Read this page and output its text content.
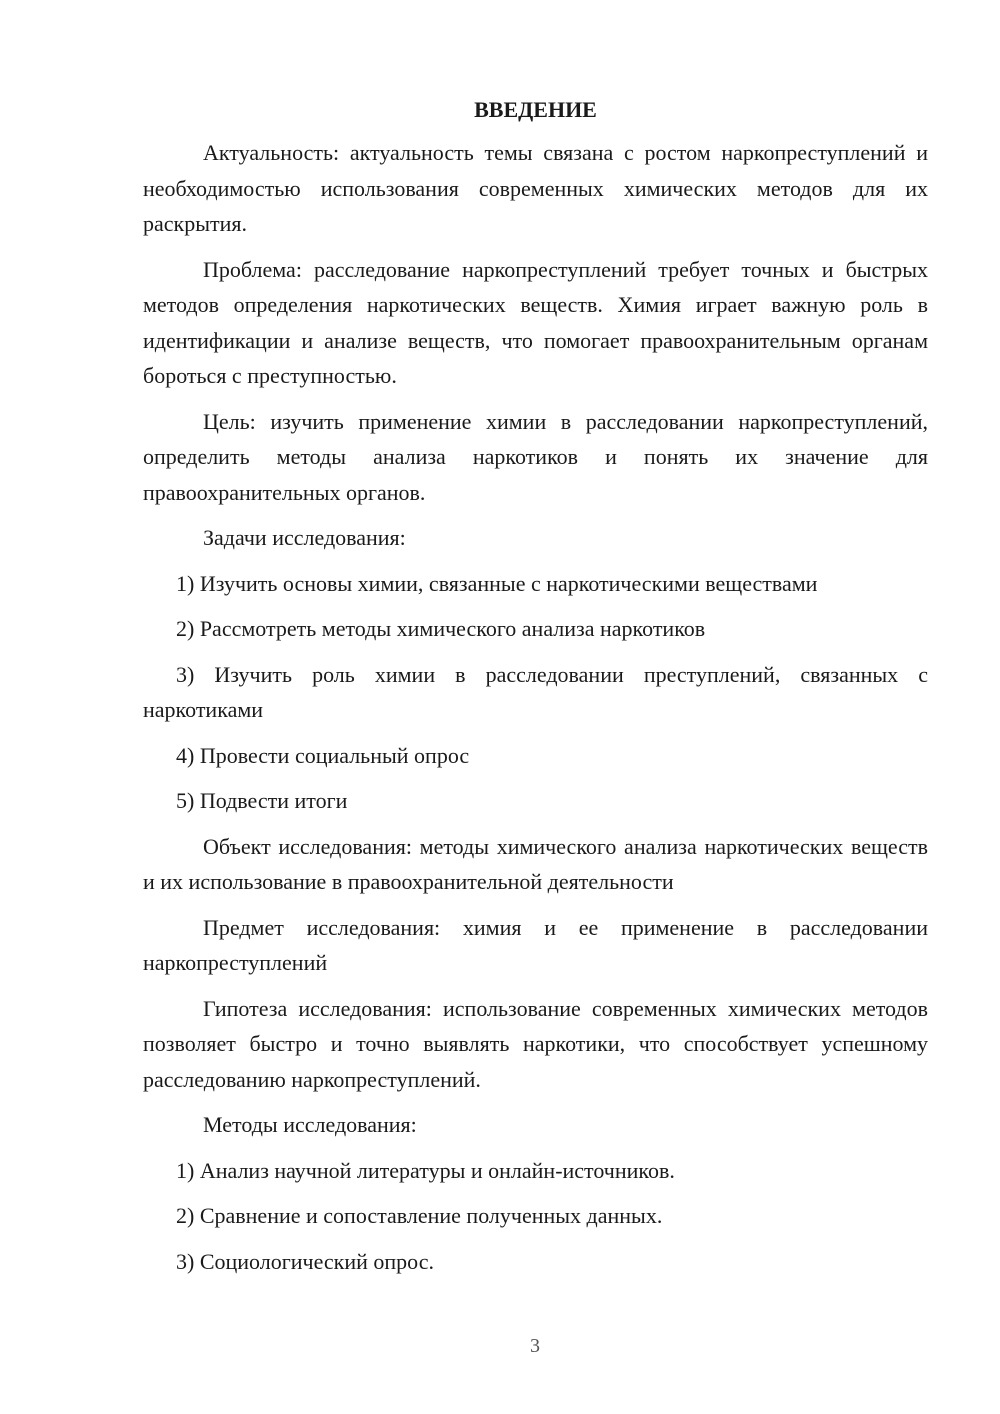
ВВЕДЕНИЕ
Актуальность: актуальность темы связана с ростом наркопреступлений и необходимостью использования современных химических методов для их раскрытия.
Проблема: расследование наркопреступлений требует точных и быстрых методов определения наркотических веществ. Химия играет важную роль в идентификации и анализе веществ, что помогает правоохранительным органам бороться с преступностью.
Цель: изучить применение химии в расследовании наркопреступлений, определить методы анализа наркотиков и понять их значение для правоохранительных органов.
Задачи исследования:
1) Изучить основы химии, связанные с наркотическими веществами
2) Рассмотреть методы химического анализа наркотиков
3) Изучить роль химии в расследовании преступлений, связанных с наркотиками
4) Провести социальный опрос
5) Подвести итоги
Объект исследования: методы химического анализа наркотических веществ и их использование в правоохранительной деятельности
Предмет исследования: химия и ее применение в расследовании наркопреступлений
Гипотеза исследования: использование современных химических методов позволяет быстро и точно выявлять наркотики, что способствует успешному расследованию наркопреступлений.
Методы исследования:
1) Анализ научной литературы и онлайн-источников.
2) Сравнение и сопоставление полученных данных.
3) Социологический опрос.
3
